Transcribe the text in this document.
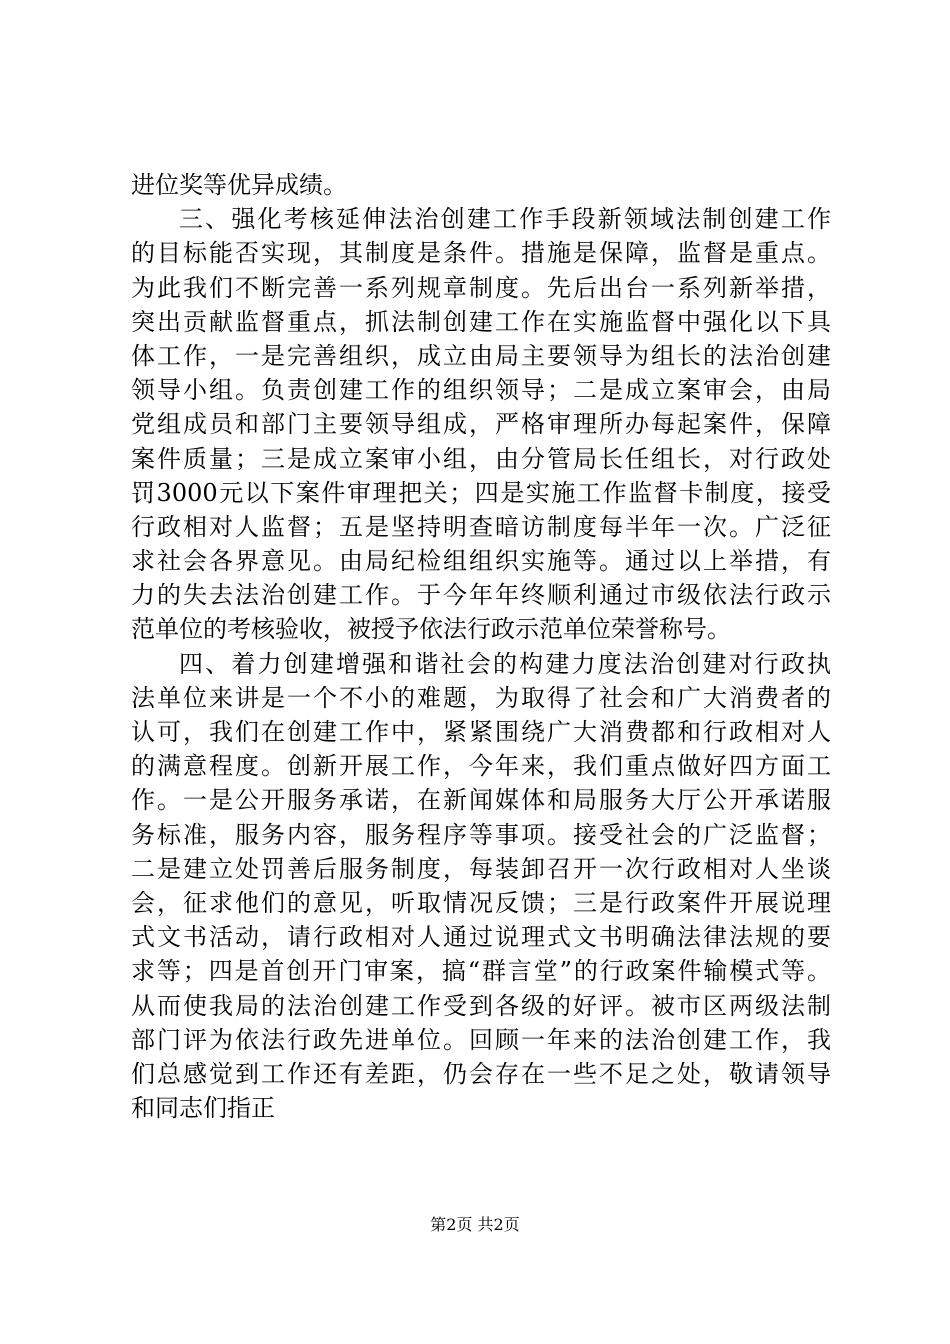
进位奖等优异成绩。
三、强化考核延伸法治创建工作手段新领域法制创建工作
的目标能否实现，其制度是条件。措施是保障，监督是重点。
为此我们不断完善一系列规章制度。先后出台一系列新举措，
突出贡献监督重点，抓法制创建工作在实施监督中强化以下具
体工作，一是完善组织，成立由局主要领导为组长的法治创建
领导小组。负责创建工作的组织领导；二是成立案审会，由局
党组成员和部门主要领导组成，严格审理所办每起案件，保障
案件质量；三是成立案审小组，由分管局长任组长，对行政处
罚3000元以下案件审理把关；四是实施工作监督卡制度，接受
行政相对人监督；五是坚持明查暗访制度每半年一次。广泛征
求社会各界意见。由局纪检组组织实施等。通过以上举措，有
力的失去法治创建工作。于今年年终顺利通过市级依法行政示
范单位的考核验收，被授予依法行政示范单位荣誉称号。
四、着力创建增强和谐社会的构建力度法治创建对行政执
法单位来讲是一个不小的难题，为取得了社会和广大消费者的
认可，我们在创建工作中，紧紧围绕广大消费都和行政相对人
的满意程度。创新开展工作，今年来，我们重点做好四方面工
作。一是公开服务承诺，在新闻媒体和局服务大厅公开承诺服
务标准，服务内容，服务程序等事项。接受社会的广泛监督；
二是建立处罚善后服务制度，每装卸召开一次行政相对人坐谈
会，征求他们的意见，听取情况反馈；三是行政案件开展说理
式文书活动，请行政相对人通过说理式文书明确法律法规的要
求等；四是首创开门审案，搞“群言堂”的行政案件输模式等。
从而使我局的法治创建工作受到各级的好评。被市区两级法制
部门评为依法行政先进单位。回顾一年来的法治创建工作，我
们总感觉到工作还有差距，仍会存在一些不足之处，敬请领导
和同志们指正
第2页 共2页
